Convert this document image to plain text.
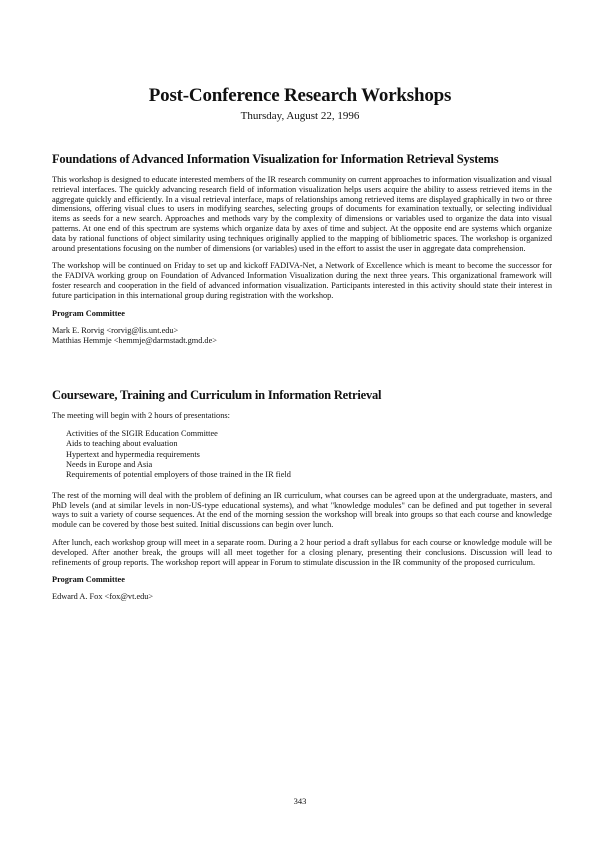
Post-Conference Research Workshops
Thursday, August 22, 1996
Foundations of Advanced Information Visualization for Information Retrieval Systems

This workshop is designed to educate interested members of the IR research community on current approaches to information visualization and visual retrieval interfaces. The quickly advancing research field of information visualization helps users acquire the ability to assess retrieved items in the aggregate quickly and efficiently. In a visual retrieval interface, maps of relationships among retrieved items are displayed graphically in two or three dimensions, offering visual clues to users in modifying searches, selecting groups of documents for examination textually, or selecting individual items as seeds for a new search. Approaches and methods vary by the complexity of dimensions or variables used to organize the data into visual patterns. At one end of this spectrum are systems which organize data by axes of time and subject. At the opposite end are systems which organize data by rational functions of object similarity using techniques originally applied to the mapping of bibliometric spaces. The workshop is organized around presentations focusing on the number of dimensions (or variables) used in the effort to assist the user in aggregate data comprehension.

The workshop will be continued on Friday to set up and kickoff FADIVA-Net, a Network of Excellence which is meant to become the successor for the FADIVA working group on Foundation of Advanced Information Visualization during the next three years. This organizational framework will foster research and cooperation in the field of advanced information visualization. Participants interested in this activity should state their interest in future participation in this international group during registration with the workshop.

Program Committee
Mark E. Rorvig <rorvig@lis.unt.edu>
Matthias Hemmje <hemmje@darmstadt.gmd.de>
Courseware, Training and Curriculum in Information Retrieval

The meeting will begin with 2 hours of presentations:

Activities of the SIGIR Education Committee
Aids to teaching about evaluation
Hypertext and hypermedia requirements
Needs in Europe and Asia
Requirements of potential employers of those trained in the IR field

The rest of the morning will deal with the problem of defining an IR curriculum, what courses can be agreed upon at the undergraduate, masters, and PhD levels (and at similar levels in non-US-type educational systems), and what "knowledge modules" can be defined and put together in several ways to suit a variety of course sequences. At the end of the morning session the workshop will break into groups so that each course and knowledge module can be covered by those best suited. Initial discussions can begin over lunch.

After lunch, each workshop group will meet in a separate room. During a 2 hour period a draft syllabus for each course or knowledge module will be developed. After another break, the groups will all meet together for a closing plenary, presenting their conclusions. Discussion will lead to refinements of group reports. The workshop report will appear in Forum to stimulate discussion in the IR community of the proposed curriculum.

Program Committee
Edward A. Fox <fox@vt.edu>
343
